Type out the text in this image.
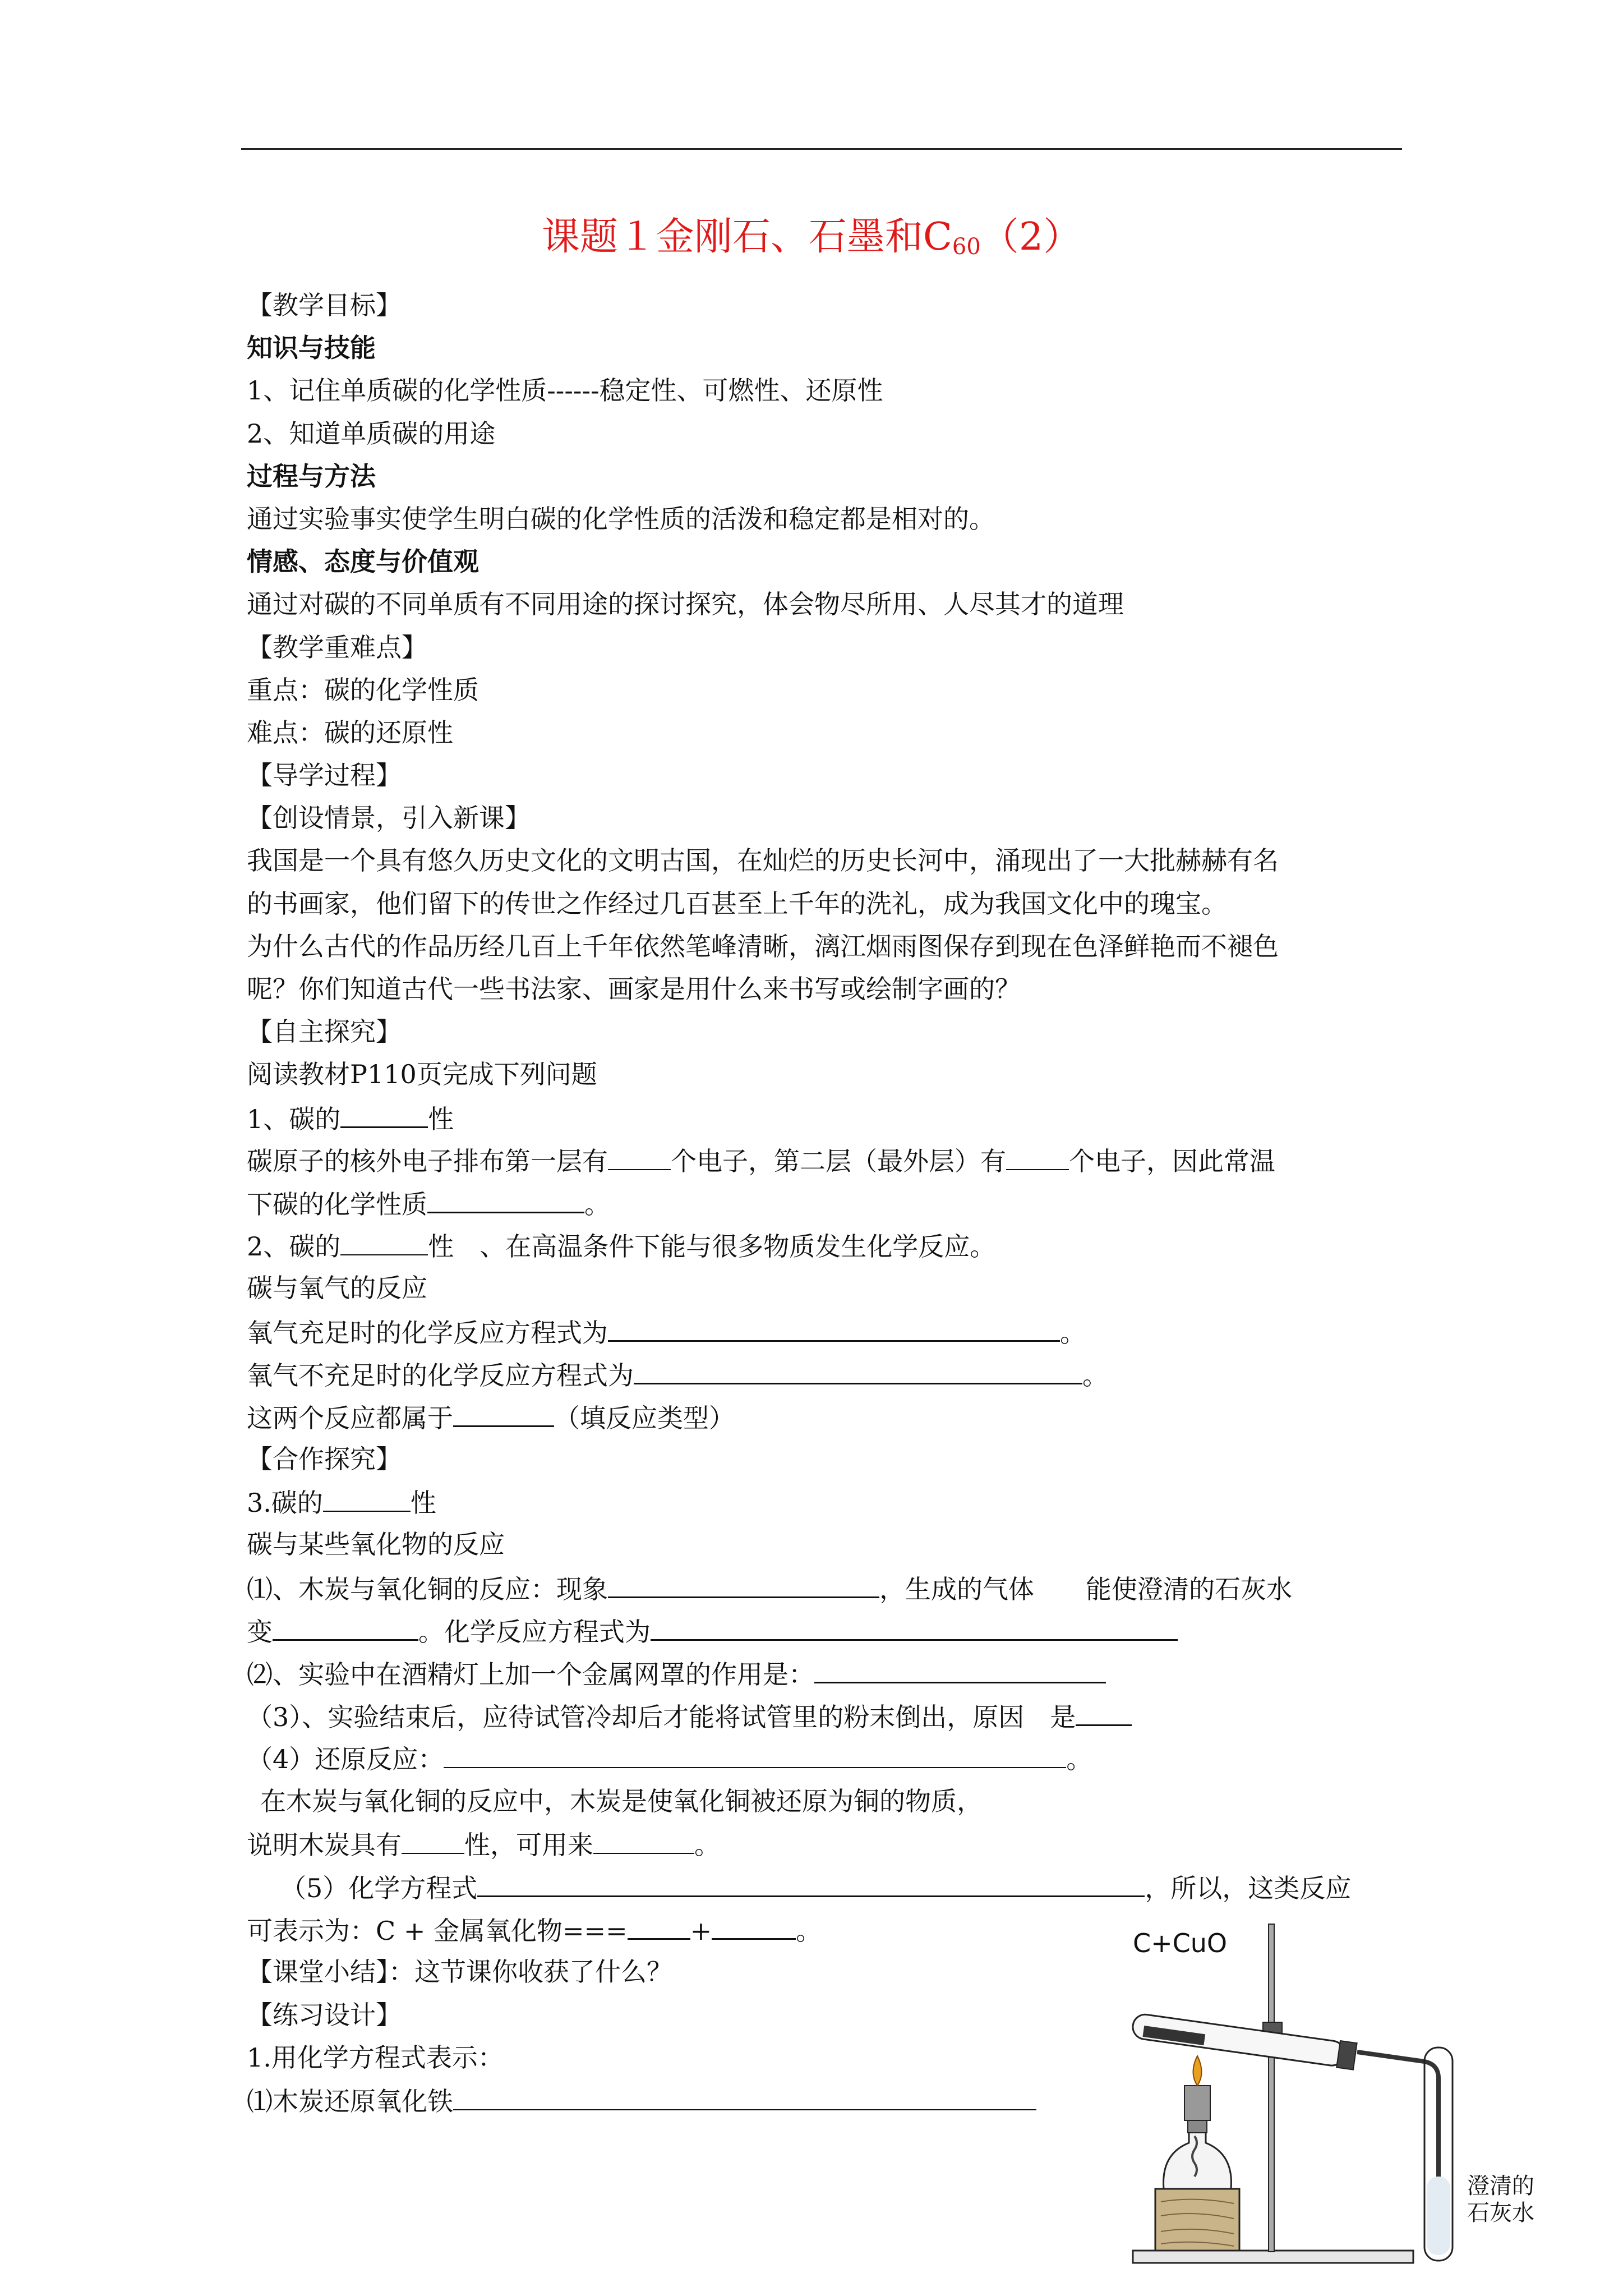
课题１金刚石、石墨和$C_{60}(2)$
【教学目标】
知识与技能
1、记住单质碳的化学性质------稳定性、可燃性、还原性
2、知道单质碳的用途
过程与方法
通过实验事实使学生明白碳的化学性质的活泼和稳定都是相对的。
情感、态度与价值观
通过对碳的不同单质有不同用途的探讨探究，体会物尽所用、人尽其才的道理
【教学重难点】
重点：碳的化学性质
难点：碳的还原性
【导学过程】
【创设情景，引入新课】
我国是一个具有悠久历史文化的文明古国，在灿烂的历史长河中，涌现出了一大批赫赫有名
的书画家，他们留下的传世之作经过几百甚至上千年的洗礼，成为我国文化中的瑰宝。
为什么古代的作品历经几百上千年依然笔峰清晰，漓江烟雨图保存到现在色泽鲜艳而不褪色
呢？你们知道古代一些书法家、画家是用什么来书写或绘制字画的？
【自主探究】
阅读教材P110页完成下列问题
1、碳的	性
碳原子的核外电子排布第一层有 个电子，第二层（最外层）有 个电子，因此常温
下碳的化学性质	。
2、碳的	性　、在高温条件下能与很多物质发生化学反应。
碳与氧气的反应
氧气充足时的化学反应方程式为	。
氧气不充足时的化学反应方程式为	。
这两个反应都属于	（填反应类型）
【合作探究】
3.碳的	性
碳与某些氧化物的反应
⑴、木炭与氧化铜的反应：现象	，生成的气体　　能使澄清的石灰水
变	。化学反应方程式为
⑵、实验中在酒精灯上加一个金属网罩的作用是：
（3）、实验结束后，应待试管冷却后才能将试管里的粉末倒出，原因　是
（4）还原反应：	。
在木炭与氧化铜的反应中，木炭是使氧化铜被还原为铜的物质，
说明木炭具有 性，可用来	。
（5）化学方程式	，所以，这类反应
可表示为：C + 金属氧化物=== +	。
【课堂小结】：这节课你收获了什么？
【练习设计】
1.用化学方程式表示：
⑴木炭还原氧化铁
C+CuO
澄清的
石灰水
